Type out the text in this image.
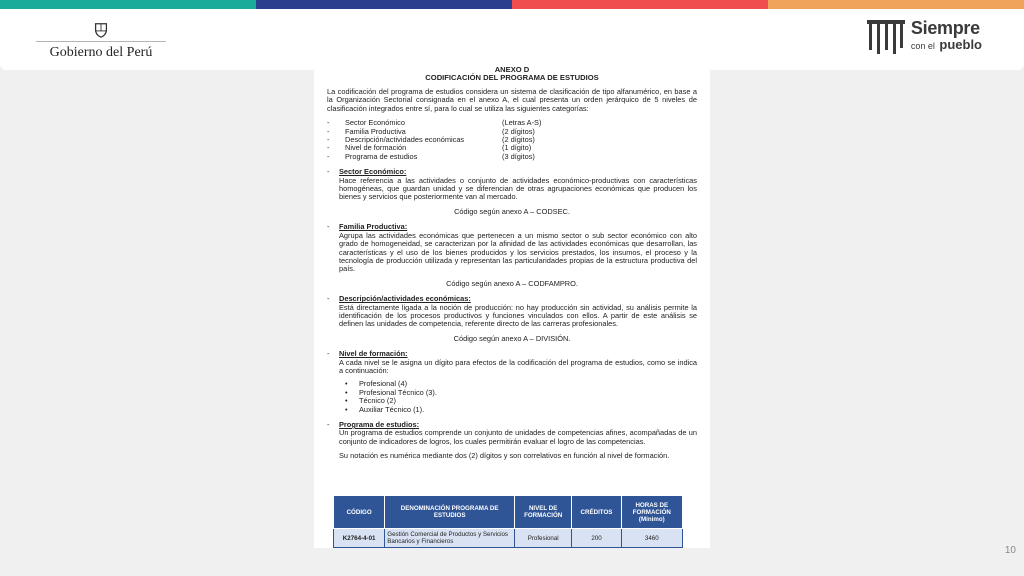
Gobierno del Perú
Siempre
con el pueblo
ANEXO D
CODIFICACIÓN DEL PROGRAMA DE ESTUDIOS

La codificación del programa de estudios considera un sistema de clasificación de tipo alfanumérico, en base a la Organización Sectorial consignada en el anexo A, el cual presenta un orden jerárquico de 5 niveles de clasificación integrados entre sí, para lo cual se utiliza las siguientes categorías:

-	Sector Económico	(Letras A-S)
-	Familia Productiva	(2 dígitos)
-	Descripción/actividades económicas	(2 dígitos)
-	Nivel de formación	(1 dígito)
-	Programa de estudios	(3 dígitos)
-	Sector Económico:
Hace referencia a las actividades o conjunto de actividades económico-productivas con características homogéneas, que guardan unidad y se diferencian de otras agrupaciones económicas que producen los bienes y servicios que posteriormente van al mercado.
Código según anexo A – CODSEC.
-	Familia Productiva:
Agrupa las actividades económicas que pertenecen a un mismo sector o sub sector económico con alto grado de homogeneidad, se caracterizan por la afinidad de las actividades económicas que desarrollan, las características y el uso de los bienes producidos y los servicios prestados, los insumos, el proceso y la tecnología de producción utilizada y representan las particularidades propias de la estructura productiva del país.
Código según anexo A – CODFAMPRO.
-	Descripción/actividades económicas:
Está directamente ligada a la noción de producción: no hay producción sin actividad, su análisis permite la identificación de los procesos productivos y funciones vinculados con ellos. A partir de este análisis se definen las unidades de competencia, referente directo de las carreras profesionales.
Código según anexo A – DIVISIÓN.
-	Nivel de formación:
A cada nivel se le asigna un dígito para efectos de la codificación del programa de estudios, como se indica a continuación:
•	Profesional (4)
•	Profesional Técnico (3).
•	Técnico (2)
•	Auxiliar Técnico (1).
-	Programa de estudios:
Un programa de estudios comprende un conjunto de unidades de competencias afines, acompañadas de un conjunto de indicadores de logros, los cuales permitirán evaluar el logro de las competencias.
Su notación es numérica mediante dos (2) dígitos y son correlativos en función al nivel de formación.
CÓDIGO	DENOMINACIÓN PROGRAMA DE ESTUDIOS	NIVEL DE FORMACIÓN	CRÉDITOS	HORAS DE FORMACIÓN (Mínimo)
K2764-4-01	Gestión Comercial de Productos y Servicios Bancarios y Financieros	Profesional	200	3460
10
